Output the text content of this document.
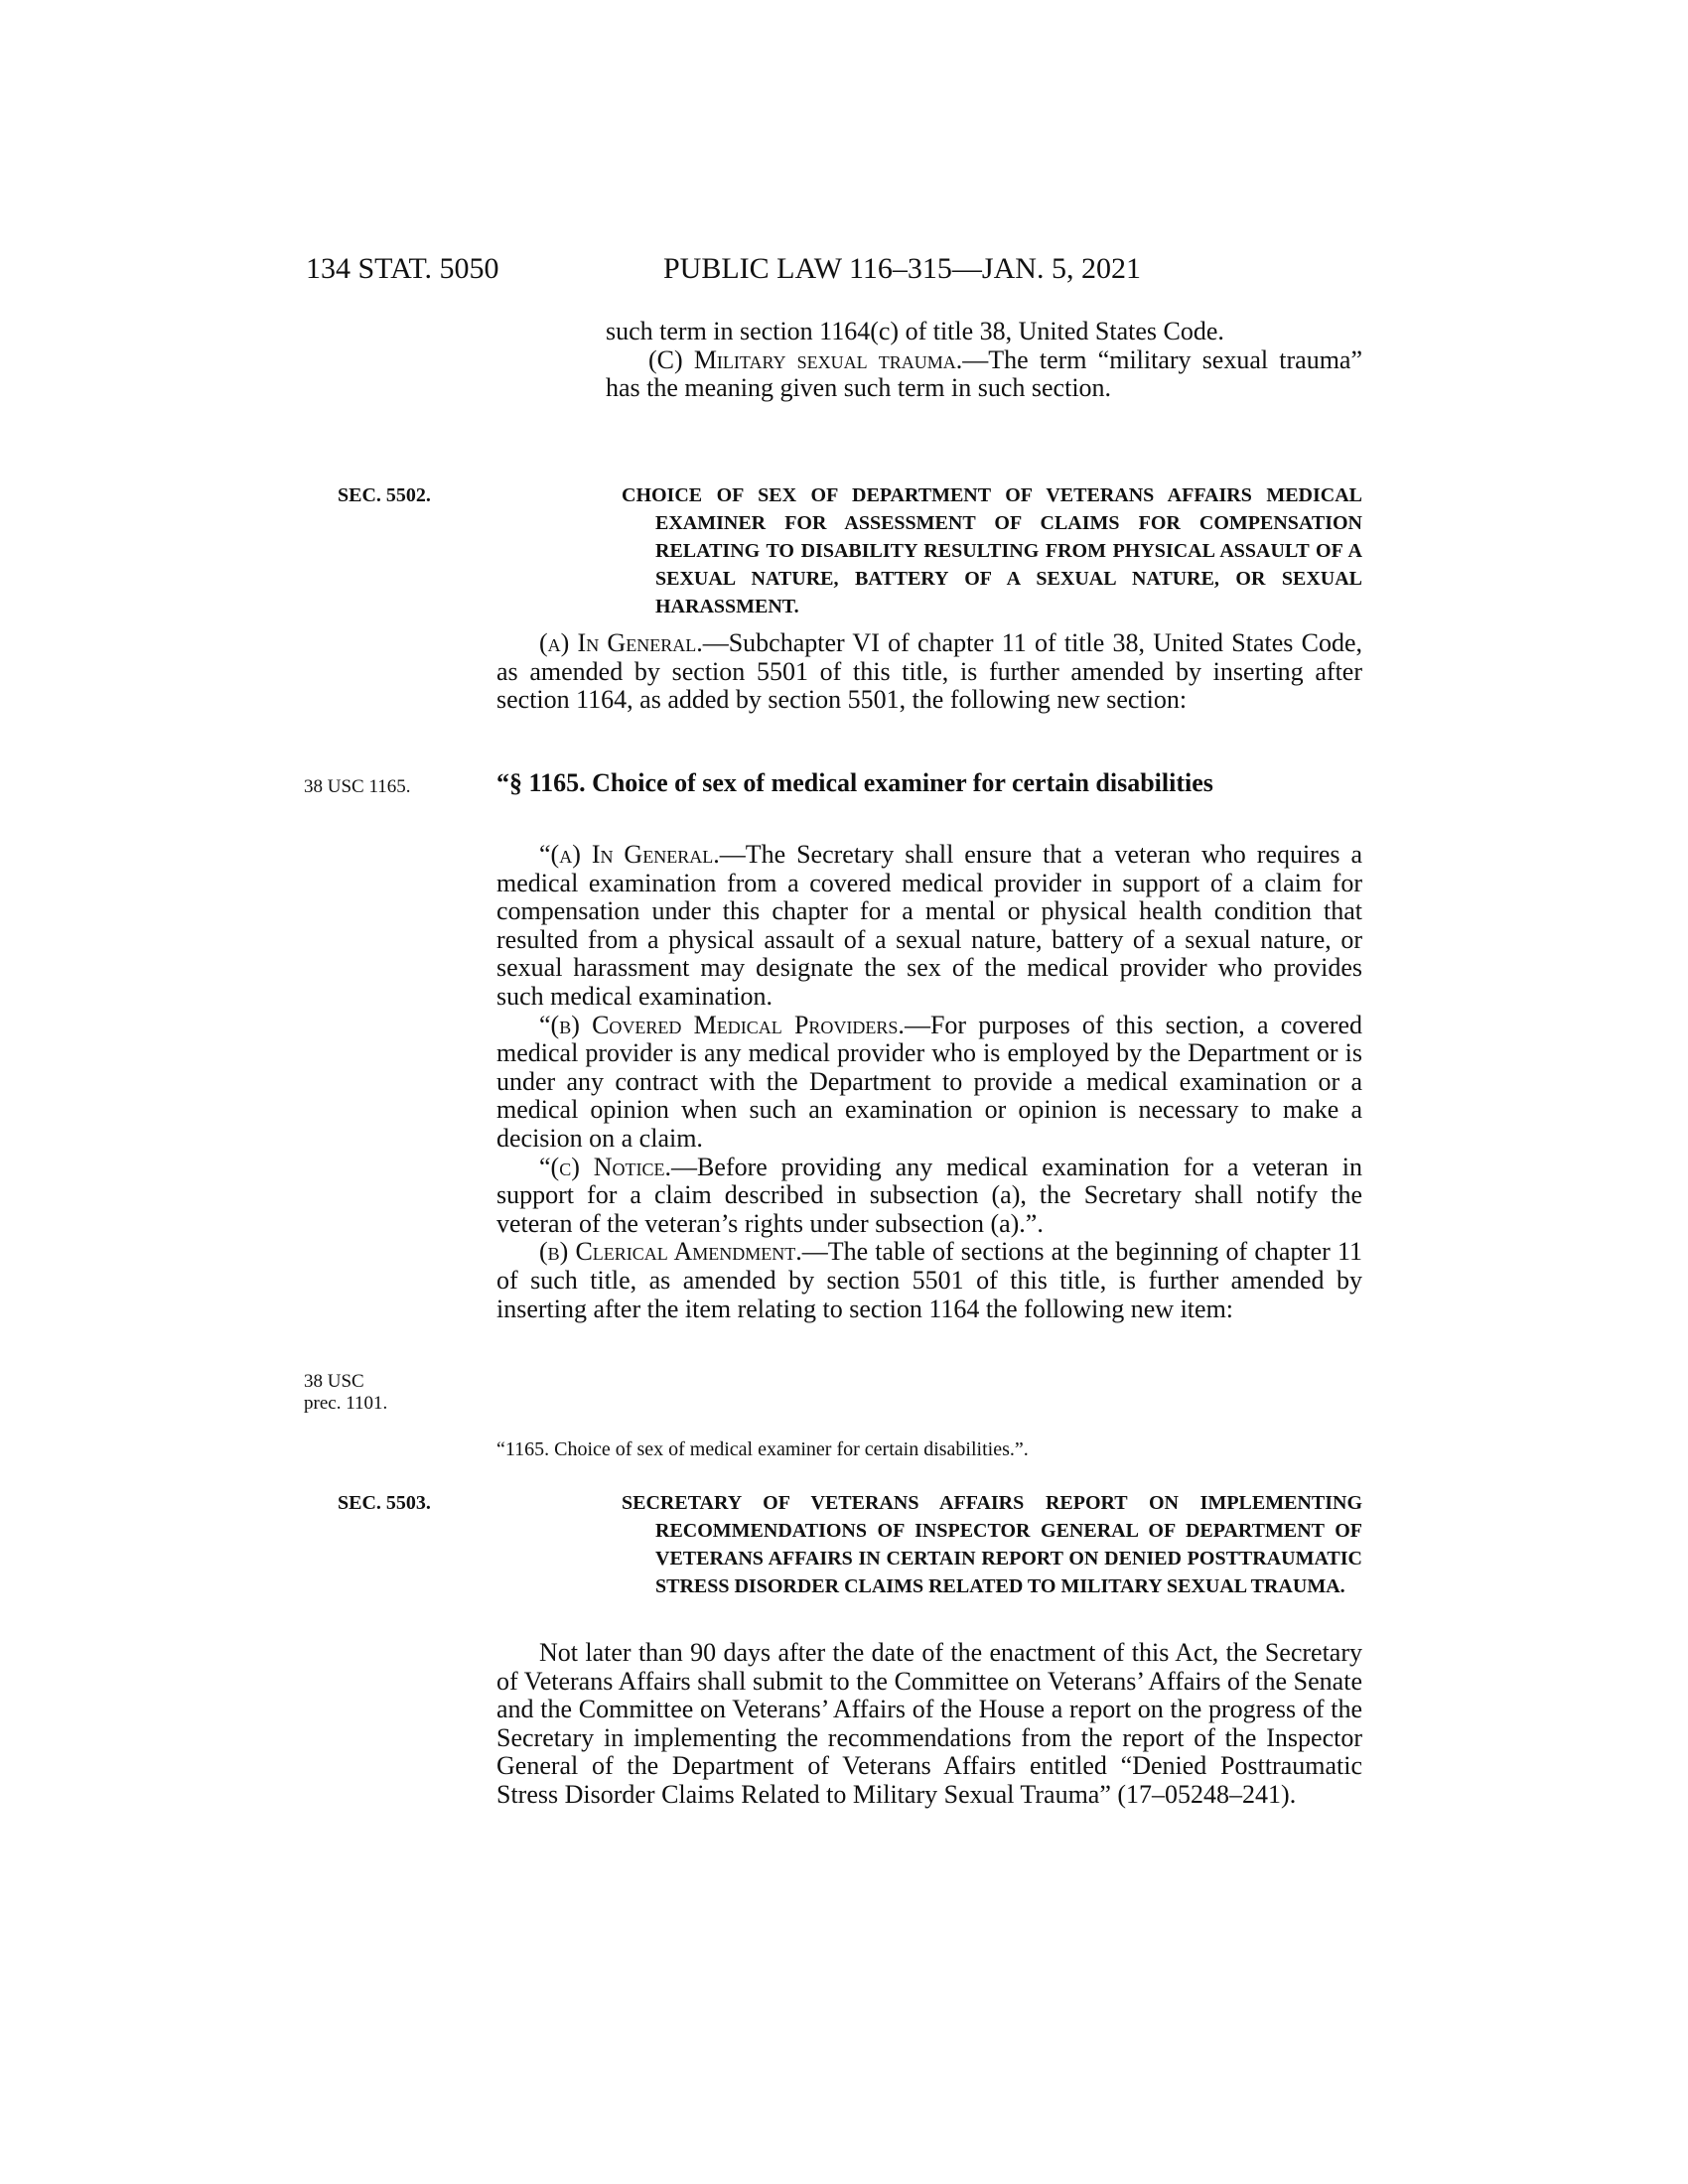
134 STAT. 5050	PUBLIC LAW 116–315—JAN. 5, 2021
38 USC 1165.
38 USC
prec. 1101.

such term in section 1164(c) of title 38, United States Code.

(C) Military sexual trauma.—The term “military sexual trauma” has the meaning given such term in such section.

SEC. 5502.	CHOICE OF SEX OF DEPARTMENT OF VETERANS AFFAIRS MEDICAL EXAMINER FOR ASSESSMENT OF CLAIMS FOR COMPENSATION RELATING TO DISABILITY RESULTING FROM PHYSICAL ASSAULT OF A SEXUAL NATURE, BATTERY OF A SEXUAL NATURE, OR SEXUAL HARASSMENT.

(a) In General.—Subchapter VI of chapter 11 of title 38, United States Code, as amended by section 5501 of this title, is further amended by inserting after section 1164, as added by section 5501, the following new section:

“§ 1165. Choice of sex of medical examiner for certain disabilities

“(a) In General.—The Secretary shall ensure that a veteran who requires a medical examination from a covered medical provider in support of a claim for compensation under this chapter for a mental or physical health condition that resulted from a physical assault of a sexual nature, battery of a sexual nature, or sexual harassment may designate the sex of the medical provider who provides such medical examination.

“(b) Covered Medical Providers.—For purposes of this section, a covered medical provider is any medical provider who is employed by the Department or is under any contract with the Department to provide a medical examination or a medical opinion when such an examination or opinion is necessary to make a decision on a claim.

“(c) Notice.—Before providing any medical examination for a veteran in support for a claim described in subsection (a), the Secretary shall notify the veteran of the veteran’s rights under subsection (a).”.

(b) Clerical Amendment.—The table of sections at the beginning of chapter 11 of such title, as amended by section 5501 of this title, is further amended by inserting after the item relating to section 1164 the following new item:

“1165. Choice of sex of medical examiner for certain disabilities.”.
SEC. 5503.	SECRETARY OF VETERANS AFFAIRS REPORT ON IMPLEMENTING RECOMMENDATIONS OF INSPECTOR GENERAL OF DEPARTMENT OF VETERANS AFFAIRS IN CERTAIN REPORT ON DENIED POSTTRAUMATIC STRESS DISORDER CLAIMS RELATED TO MILITARY SEXUAL TRAUMA.

Not later than 90 days after the date of the enactment of this Act, the Secretary of Veterans Affairs shall submit to the Committee on Veterans’ Affairs of the Senate and the Committee on Veterans’ Affairs of the House a report on the progress of the Secretary in implementing the recommendations from the report of the Inspector General of the Department of Veterans Affairs entitled “Denied Posttraumatic Stress Disorder Claims Related to Military Sexual Trauma” (17–05248–241).
